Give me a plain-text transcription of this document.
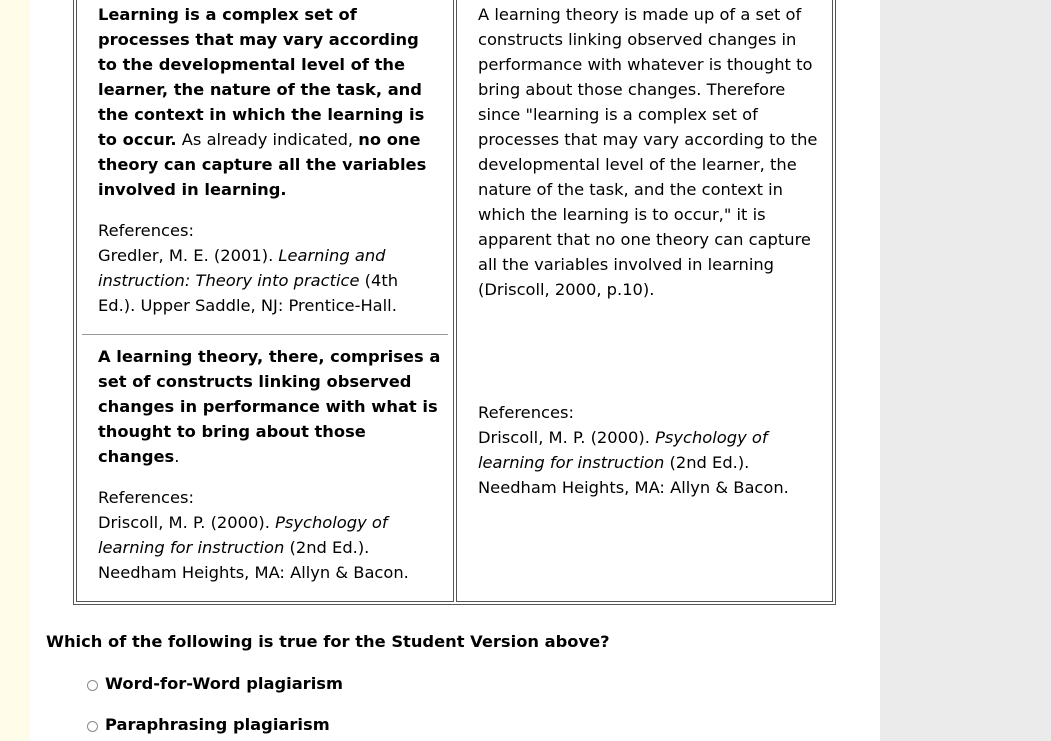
Learning is a complex set of processes that may vary according to the developmental level of the learner, the nature of the task, and the context in which the learning is to occur. As already indicated, no one theory can capture all the variables involved in learning.
References:
Gredler, M. E. (2001). Learning and instruction: Theory into practice (4th Ed.). Upper Saddle, NJ: Prentice-Hall.
A learning theory, there, comprises a set of constructs linking observed changes in performance with what is thought to bring about those changes.
References:
Driscoll, M. P. (2000). Psychology of learning for instruction (2nd Ed.). Needham Heights, MA: Allyn & Bacon.
A learning theory is made up of a set of constructs linking observed changes in performance with whatever is thought to bring about those changes. Therefore since "learning is a complex set of processes that may vary according to the developmental level of the learner, the nature of the task, and the context in which the learning is to occur," it is apparent that no one theory can capture all the variables involved in learning (Driscoll, 2000, p.10).
References:
Driscoll, M. P. (2000). Psychology of learning for instruction (2nd Ed.). Needham Heights, MA: Allyn & Bacon.
Which of the following is true for the Student Version above?
Word-for-Word plagiarism
Paraphrasing plagiarism
